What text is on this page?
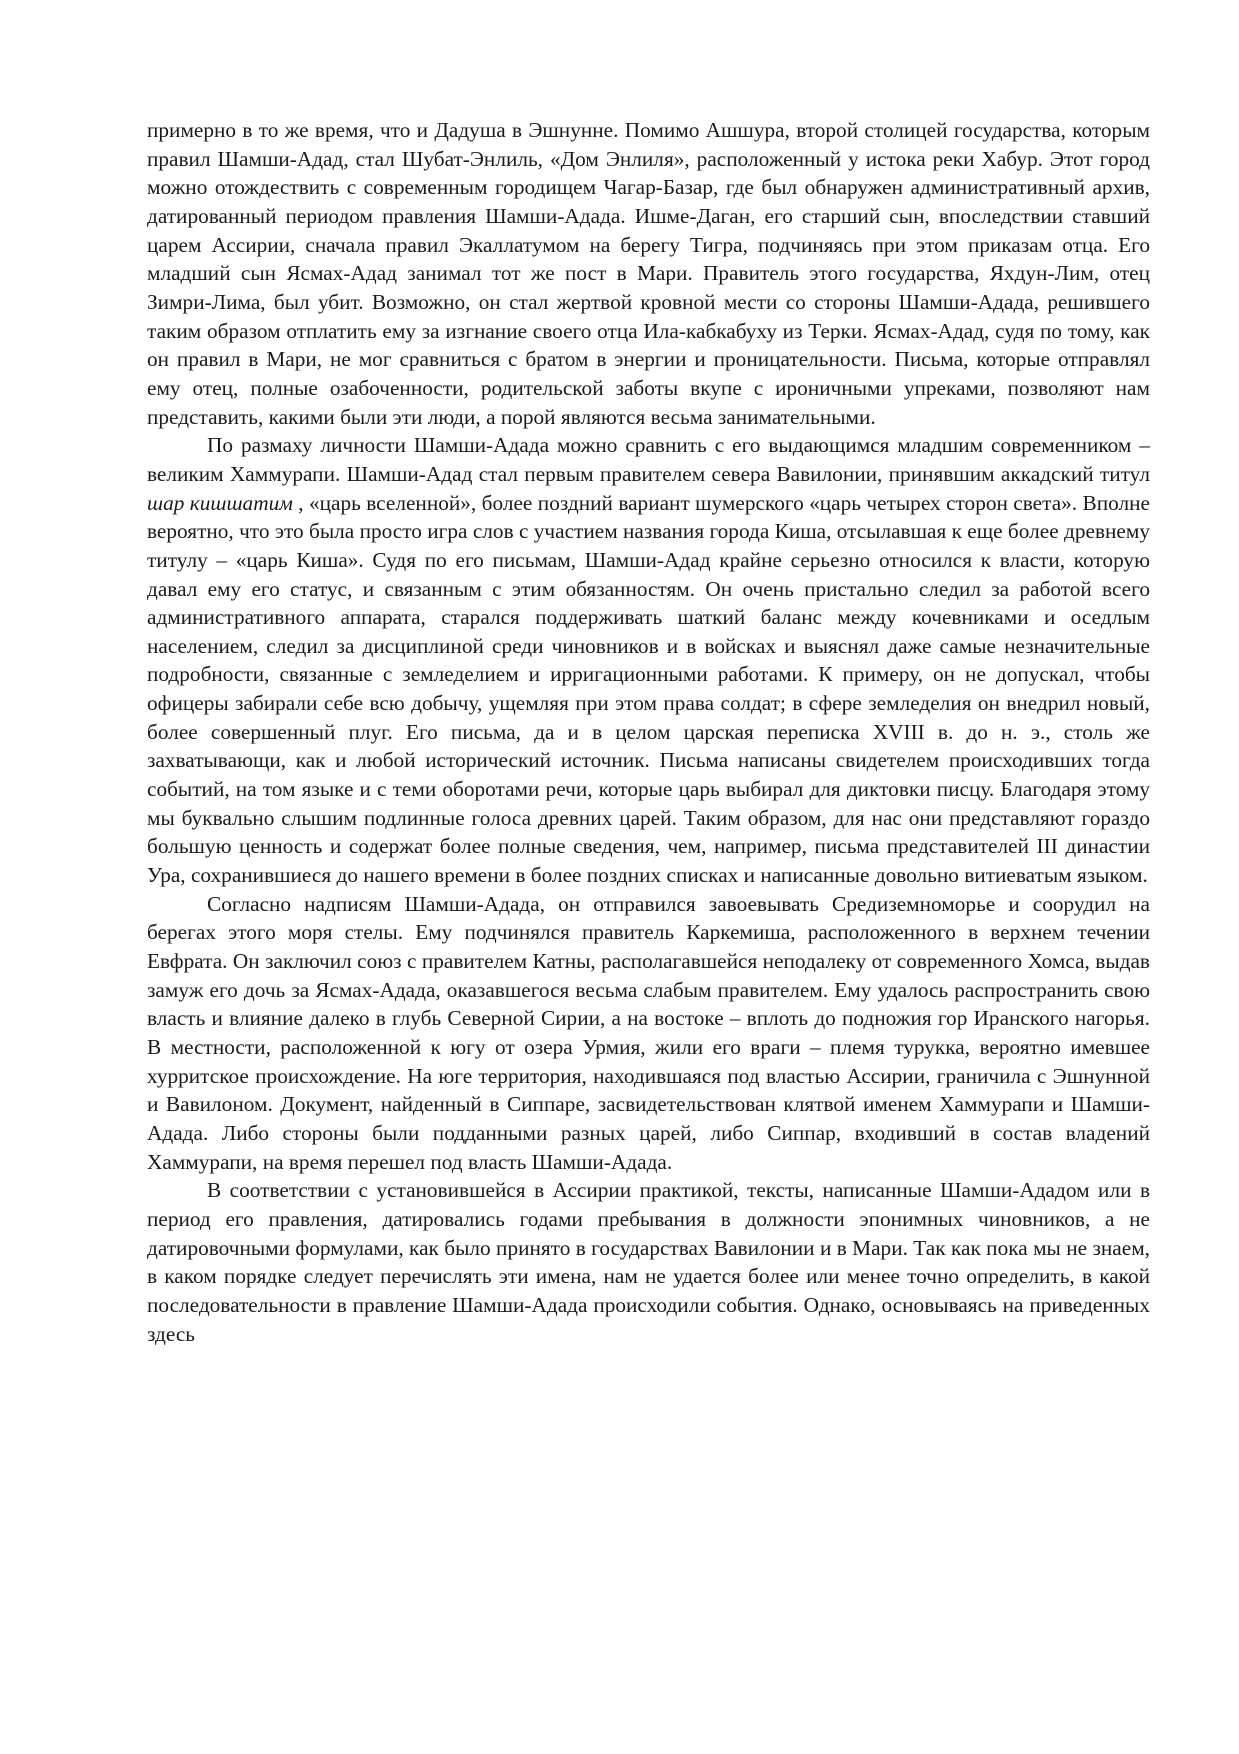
примерно в то же время, что и Дадуша в Эшнунне. Помимо Ашшура, второй столицей государства, которым правил Шамши-Адад, стал Шубат-Энлиль, «Дом Энлиля», расположенный у истока реки Хабур. Этот город можно отождествить с современным городищем Чагар-Базар, где был обнаружен административный архив, датированный периодом правления Шамши-Адада. Ишме-Даган, его старший сын, впоследствии ставший царем Ассирии, сначала правил Экаллатумом на берегу Тигра, подчиняясь при этом приказам отца. Его младший сын Ясмах-Адад занимал тот же пост в Мари. Правитель этого государства, Яхдун-Лим, отец Зимри-Лима, был убит. Возможно, он стал жертвой кровной мести со стороны Шамши-Адада, решившего таким образом отплатить ему за изгнание своего отца Ила-кабкабуху из Терки. Ясмах-Адад, судя по тому, как он правил в Мари, не мог сравниться с братом в энергии и проницательности. Письма, которые отправлял ему отец, полные озабоченности, родительской заботы вкупе с ироничными упреками, позволяют нам представить, какими были эти люди, а порой являются весьма занимательными.

По размаху личности Шамши-Адада можно сравнить с его выдающимся младшим современником – великим Хаммурапи. Шамши-Адад стал первым правителем севера Вавилонии, принявшим аккадский титул шар кишшатим , «царь вселенной», более поздний вариант шумерского «царь четырех сторон света». Вполне вероятно, что это была просто игра слов с участием названия города Киша, отсылавшая к еще более древнему титулу – «царь Киша». Судя по его письмам, Шамши-Адад крайне серьезно относился к власти, которую давал ему его статус, и связанным с этим обязанностям. Он очень пристально следил за работой всего административного аппарата, старался поддерживать шаткий баланс между кочевниками и оседлым населением, следил за дисциплиной среди чиновников и в войсках и выяснял даже самые незначительные подробности, связанные с земледелием и ирригационными работами. К примеру, он не допускал, чтобы офицеры забирали себе всю добычу, ущемляя при этом права солдат; в сфере земледелия он внедрил новый, более совершенный плуг. Его письма, да и в целом царская переписка XVIII в. до н. э., столь же захватывающи, как и любой исторический источник. Письма написаны свидетелем происходивших тогда событий, на том языке и с теми оборотами речи, которые царь выбирал для диктовки писцу. Благодаря этому мы буквально слышим подлинные голоса древних царей. Таким образом, для нас они представляют гораздо большую ценность и содержат более полные сведения, чем, например, письма представителей III династии Ура, сохранившиеся до нашего времени в более поздних списках и написанные довольно витиеватым языком.

Согласно надписям Шамши-Адада, он отправился завоевывать Средиземноморье и соорудил на берегах этого моря стелы. Ему подчинялся правитель Каркемиша, расположенного в верхнем течении Евфрата. Он заключил союз с правителем Катны, располагавшейся неподалеку от современного Хомса, выдав замуж его дочь за Ясмах-Адада, оказавшегося весьма слабым правителем. Ему удалось распространить свою власть и влияние далеко в глубь Северной Сирии, а на востоке – вплоть до подножия гор Иранского нагорья. В местности, расположенной к югу от озера Урмия, жили его враги – племя турукка, вероятно имевшее хурритское происхождение. На юге территория, находившаяся под властью Ассирии, граничила с Эшнунной и Вавилоном. Документ, найденный в Сиппаре, засвидетельствован клятвой именем Хаммурапи и Шамши-Адада. Либо стороны были подданными разных царей, либо Сиппар, входивший в состав владений Хаммурапи, на время перешел под власть Шамши-Адада.

В соответствии с установившейся в Ассирии практикой, тексты, написанные Шамши-Ададом или в период его правления, датировались годами пребывания в должности эпонимных чиновников, а не датировочными формулами, как было принято в государствах Вавилонии и в Мари. Так как пока мы не знаем, в каком порядке следует перечислять эти имена, нам не удается более или менее точно определить, в какой последовательности в правление Шамши-Адада происходили события. Однако, основываясь на приведенных здесь
